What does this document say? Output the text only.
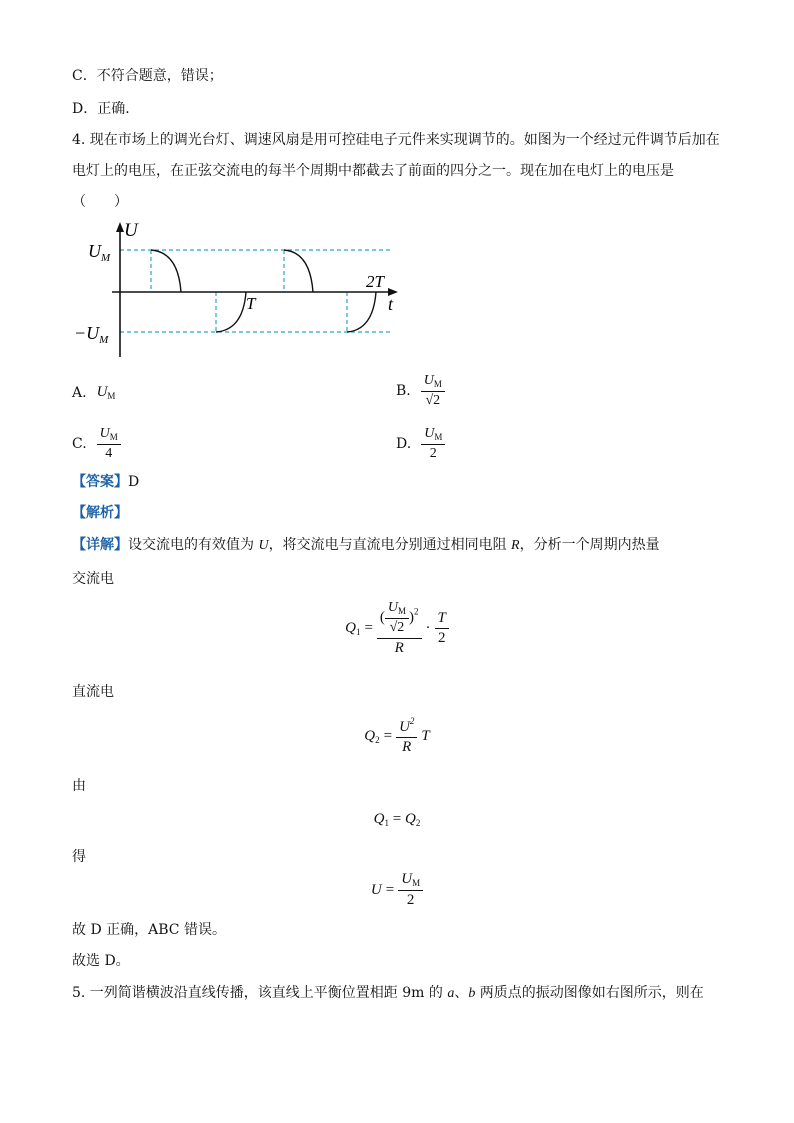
C．不符合题意，错误；
D．正确．
4. 现在市场上的调光台灯、调速风扇是用可控硅电子元件来实现调节的。如图为一个经过元件调节后加在
电灯上的电压，在正弦交流电的每半个周期中都截去了前面的四分之一。现在加在电灯上的电压是
（　　）
U
t
$U_M$
$-U_M$
T
2T
A. $U_M$	B. $\frac{U_M}{√2}$
C. $\frac{U_M}{4}$	D. $\frac{U_M}{2}$
【答案】D
【解析】
【详解】设交流电的有效值为 U，将交流电与直流电分别通过相同电阻 R，分析一个周期内热量
交流电
$Q_1 = \frac{( \frac{U_M}{√2} )^2}{R} \cdot \frac{T}{2}$
直流电
$Q_2 = \frac{U^2}{R}$ T
由
$Q_1 = Q_2$
得
$U = \frac{U_M}{2}$
故 D 正确，ABC 错误。
故选 D。
5. 一列简谐横波沿直线传播，该直线上平衡位置相距 9m 的 a、b 两质点的振动图像如右图所示，则在
